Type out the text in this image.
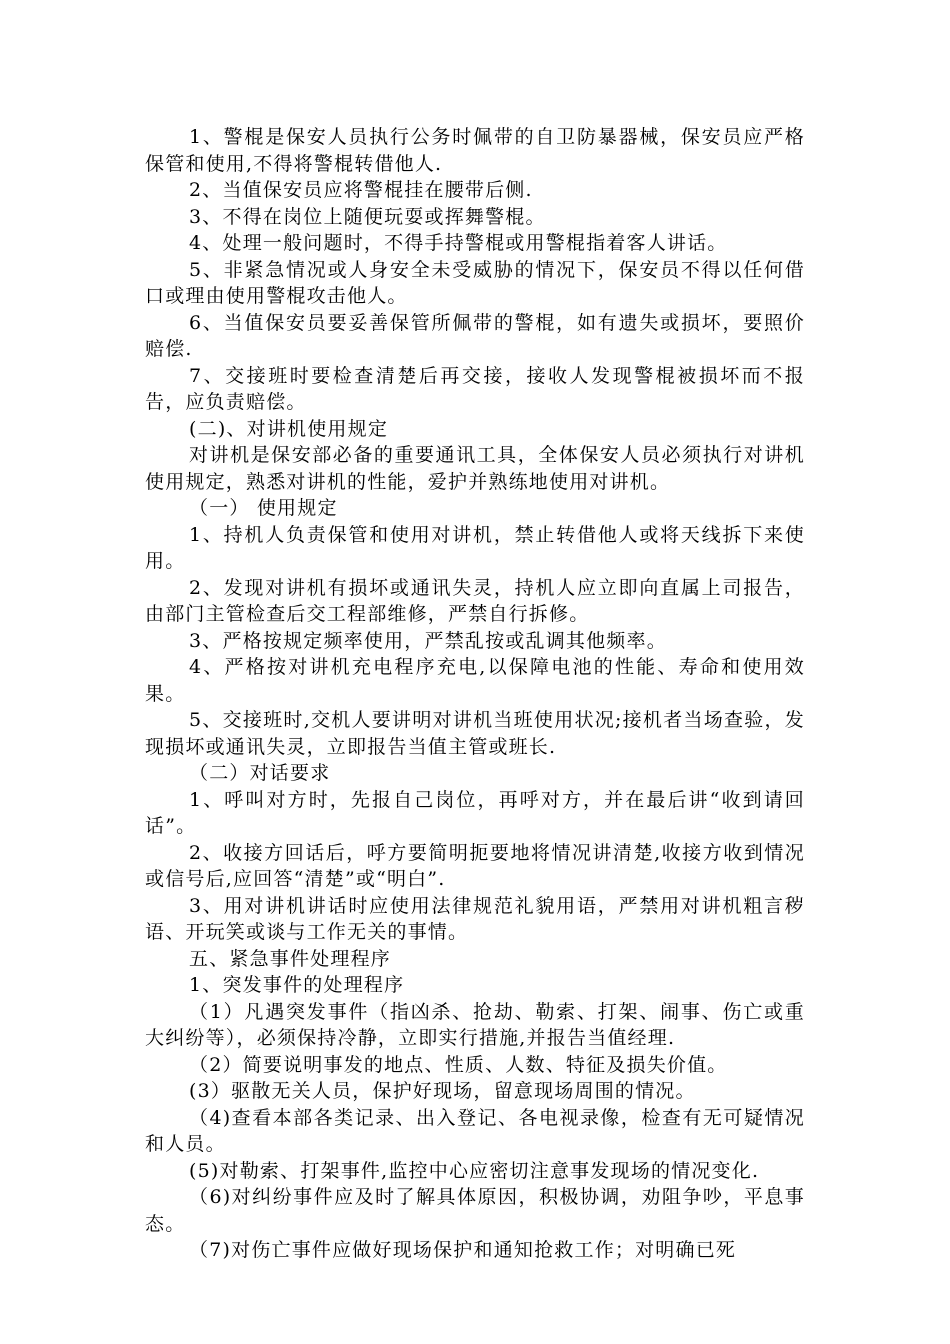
1、警棍是保安人员执行公务时佩带的自卫防暴器械，保安员应严格保管和使用,不得将警棍转借他人.

2、当值保安员应将警棍挂在腰带后侧.

3、不得在岗位上随便玩耍或挥舞警棍。

4、处理一般问题时，不得手持警棍或用警棍指着客人讲话。

5、非紧急情况或人身安全未受威胁的情况下，保安员不得以任何借口或理由使用警棍攻击他人。

6、当值保安员要妥善保管所佩带的警棍，如有遗失或损坏，要照价赔偿.

7、交接班时要检查清楚后再交接，接收人发现警棍被损坏而不报告，应负责赔偿。

(二)、对讲机使用规定

对讲机是保安部必备的重要通讯工具，全体保安人员必须执行对讲机使用规定，熟悉对讲机的性能，爱护并熟练地使用对讲机。

（一） 使用规定

1、持机人负责保管和使用对讲机，禁止转借他人或将天线拆下来使用。

2、发现对讲机有损坏或通讯失灵，持机人应立即向直属上司报告，由部门主管检查后交工程部维修，严禁自行拆修。

3、严格按规定频率使用，严禁乱按或乱调其他频率。

4、严格按对讲机充电程序充电,以保障电池的性能、寿命和使用效果。

5、交接班时,交机人要讲明对讲机当班使用状况;接机者当场查验，发现损坏或通讯失灵，立即报告当值主管或班长.

（二）对话要求

1、呼叫对方时，先报自己岗位，再呼对方，并在最后讲“收到请回话”。

2、收接方回话后，呼方要简明扼要地将情况讲清楚,收接方收到情况或信号后,应回答“清楚”或“明白”.

3、用对讲机讲话时应使用法律规范礼貌用语，严禁用对讲机粗言秽语、开玩笑或谈与工作无关的事情。

五、紧急事件处理程序

1、突发事件的处理程序

（1）凡遇突发事件（指凶杀、抢劫、勒索、打架、闹事、伤亡或重大纠纷等），必须保持冷静，立即实行措施,并报告当值经理.

（2）简要说明事发的地点、性质、人数、特征及损失价值。

(3）驱散无关人员，保护好现场，留意现场周围的情况。

（4)查看本部各类记录、出入登记、各电视录像，检查有无可疑情况和人员。

(5)对勒索、打架事件,监控中心应密切注意事发现场的情况变化.

（6)对纠纷事件应及时了解具体原因，积极协调，劝阻争吵，平息事态。

（7)对伤亡事件应做好现场保护和通知抢救工作；对明确已死
